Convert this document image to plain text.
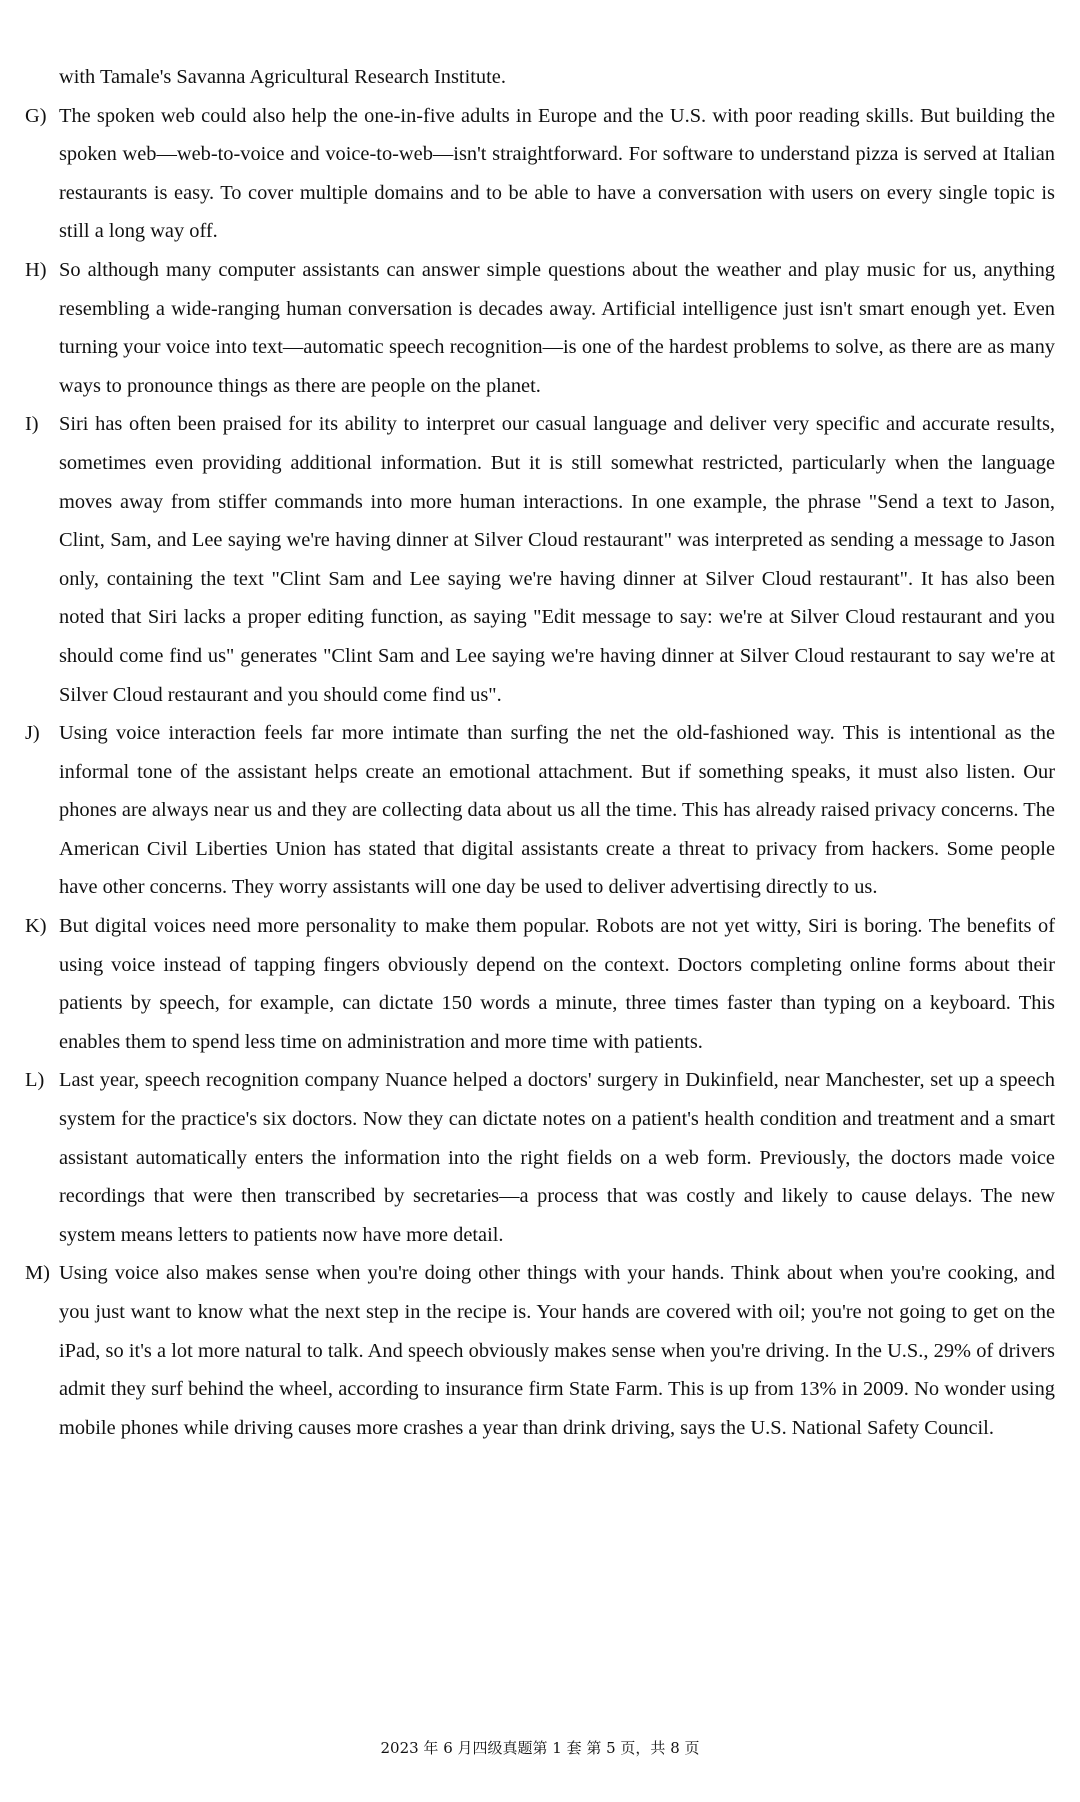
with Tamale's Savanna Agricultural Research Institute.

G) The spoken web could also help the one-in-five adults in Europe and the U.S. with poor reading skills. But building the spoken web—web-to-voice and voice-to-web—isn't straightforward. For software to understand pizza is served at Italian restaurants is easy. To cover multiple domains and to be able to have a conversation with users on every single topic is still a long way off.

H) So although many computer assistants can answer simple questions about the weather and play music for us, anything resembling a wide-ranging human conversation is decades away. Artificial intelligence just isn't smart enough yet. Even turning your voice into text—automatic speech recognition—is one of the hardest problems to solve, as there are as many ways to pronounce things as there are people on the planet.

I) Siri has often been praised for its ability to interpret our casual language and deliver very specific and accurate results, sometimes even providing additional information. But it is still somewhat restricted, particularly when the language moves away from stiffer commands into more human interactions. In one example, the phrase "Send a text to Jason, Clint, Sam, and Lee saying we're having dinner at Silver Cloud restaurant" was interpreted as sending a message to Jason only, containing the text "Clint Sam and Lee saying we're having dinner at Silver Cloud restaurant". It has also been noted that Siri lacks a proper editing function, as saying "Edit message to say: we're at Silver Cloud restaurant and you should come find us" generates "Clint Sam and Lee saying we're having dinner at Silver Cloud restaurant to say we're at Silver Cloud restaurant and you should come find us".

J) Using voice interaction feels far more intimate than surfing the net the old-fashioned way. This is intentional as the informal tone of the assistant helps create an emotional attachment. But if something speaks, it must also listen. Our phones are always near us and they are collecting data about us all the time. This has already raised privacy concerns. The American Civil Liberties Union has stated that digital assistants create a threat to privacy from hackers. Some people have other concerns. They worry assistants will one day be used to deliver advertising directly to us.

K) But digital voices need more personality to make them popular. Robots are not yet witty, Siri is boring. The benefits of using voice instead of tapping fingers obviously depend on the context. Doctors completing online forms about their patients by speech, for example, can dictate 150 words a minute, three times faster than typing on a keyboard. This enables them to spend less time on administration and more time with patients.

L) Last year, speech recognition company Nuance helped a doctors' surgery in Dukinfield, near Manchester, set up a speech system for the practice's six doctors. Now they can dictate notes on a patient's health condition and treatment and a smart assistant automatically enters the information into the right fields on a web form. Previously, the doctors made voice recordings that were then transcribed by secretaries—a process that was costly and likely to cause delays. The new system means letters to patients now have more detail.

M) Using voice also makes sense when you're doing other things with your hands. Think about when you're cooking, and you just want to know what the next step in the recipe is. Your hands are covered with oil; you're not going to get on the iPad, so it's a lot more natural to talk. And speech obviously makes sense when you're driving. In the U.S., 29% of drivers admit they surf behind the wheel, according to insurance firm State Farm. This is up from 13% in 2009. No wonder using mobile phones while driving causes more crashes a year than drink driving, says the U.S. National Safety Council.

2023 年 6 月四级真题第 1 套 第 5 页，共 8 页
